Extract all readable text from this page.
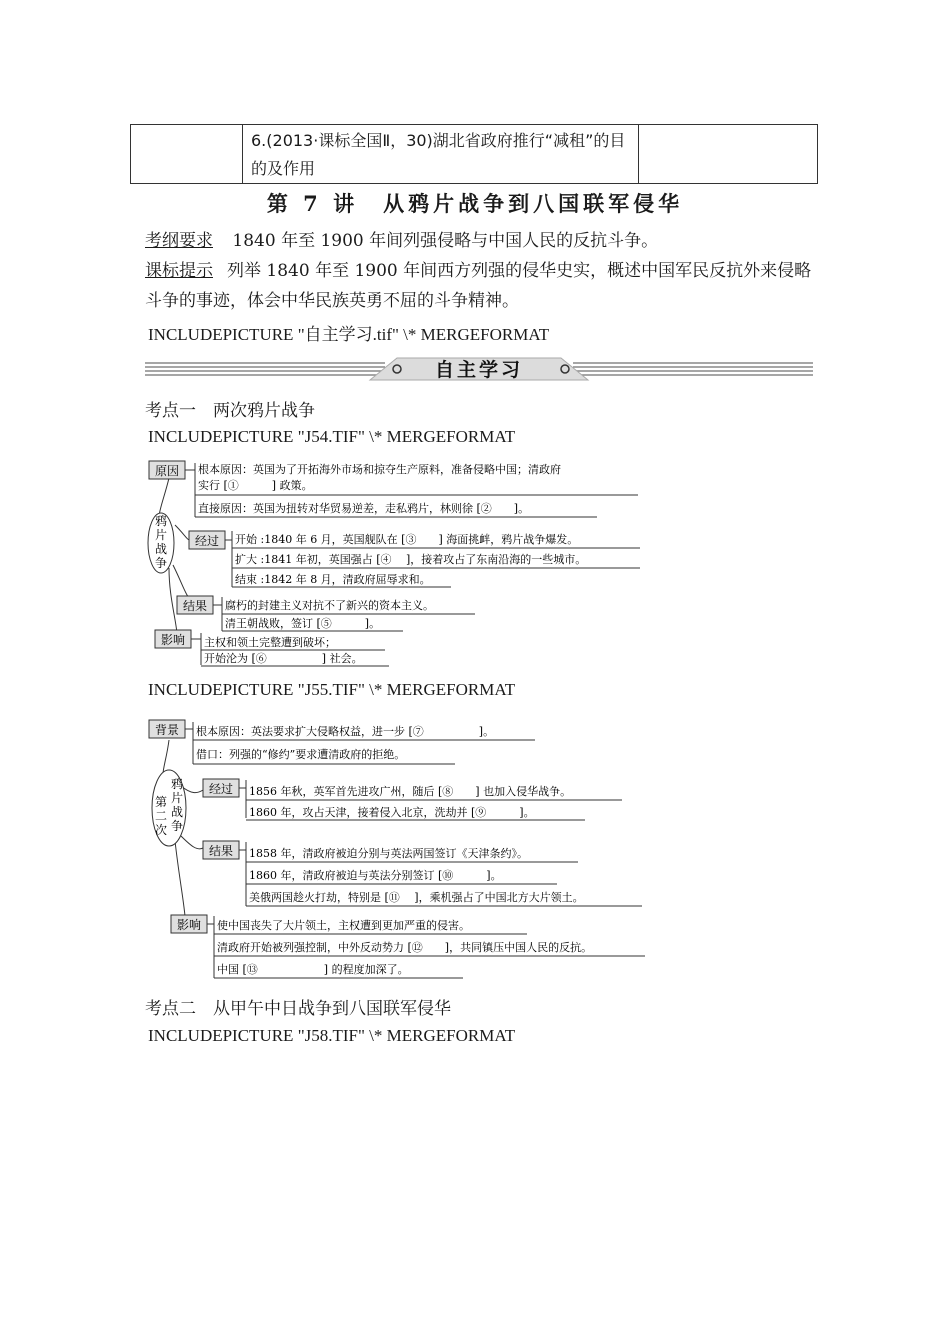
6.(2013·课标全国Ⅱ，30)湖北省政府推行“减租”的目的及作用
第 7 讲　从鸦片战争到八国联军侵华
考纲要求 1840 年至 1900 年间列强侵略与中国人民的反抗斗争。
课标提示 列举 1840 年至 1900 年间西方列强的侵华史实，概述中国军民反抗外来侵略斗争的事迹，体会中华民族英勇不屈的斗争精神。
INCLUDEPICTURE "自主学习.tif" \* MERGEFORMAT
自主学习
考点一　两次鸦片战争
INCLUDEPICTURE "J54.TIF" \* MERGEFORMAT
鸦
片
战
争
原因 根本原因：英国为了开拓海外市场和掠夺生产原料，准备侵略中国；清政府
实行 [①　　　] 政策。
直接原因：英国为扭转对华贸易逆差，走私鸦片，林则徐 [②　　]。
经过 开始 :1840 年 6 月，英国舰队在 [③　　] 海面挑衅，鸦片战争爆发。
扩大 :1841 年初，英国强占 [④　 ]，接着攻占了东南沿海的一些城市。
结束 :1842 年 8 月，清政府屈辱求和。
结果 腐朽的封建主义对抗不了新兴的资本主义。
清王朝战败，签订 [⑤　　　]。
影响 主权和领土完整遭到破坏；
开始沦为 [⑥　　　　　] 社会。
INCLUDEPICTURE "J55.TIF" \* MERGEFORMAT
第
二
次
鸦
片
战
争
背景 根本原因：英法要求扩大侵略权益，进一步 [⑦　　　　　]。
借口：列强的“修约”要求遭清政府的拒绝。
经过 1856 年秋，英军首先进攻广州，随后 [⑧　　] 也加入侵华战争。
1860 年，攻占天津，接着侵入北京，洗劫并 [⑨　　　]。
结果 1858 年，清政府被迫分别与英法两国签订《天津条约》。
1860 年，清政府被迫与英法分别签订 [⑩　　　]。
美俄两国趁火打劫，特别是 [⑪　 ]，乘机强占了中国北方大片领土。
影响 使中国丧失了大片领土，主权遭到更加严重的侵害。
清政府开始被列强控制，中外反动势力 [⑫　　]，共同镇压中国人民的反抗。
中国 [⑬　　　　　　] 的程度加深了。
考点二　从甲午中日战争到八国联军侵华
INCLUDEPICTURE "J58.TIF" \* MERGEFORMAT
